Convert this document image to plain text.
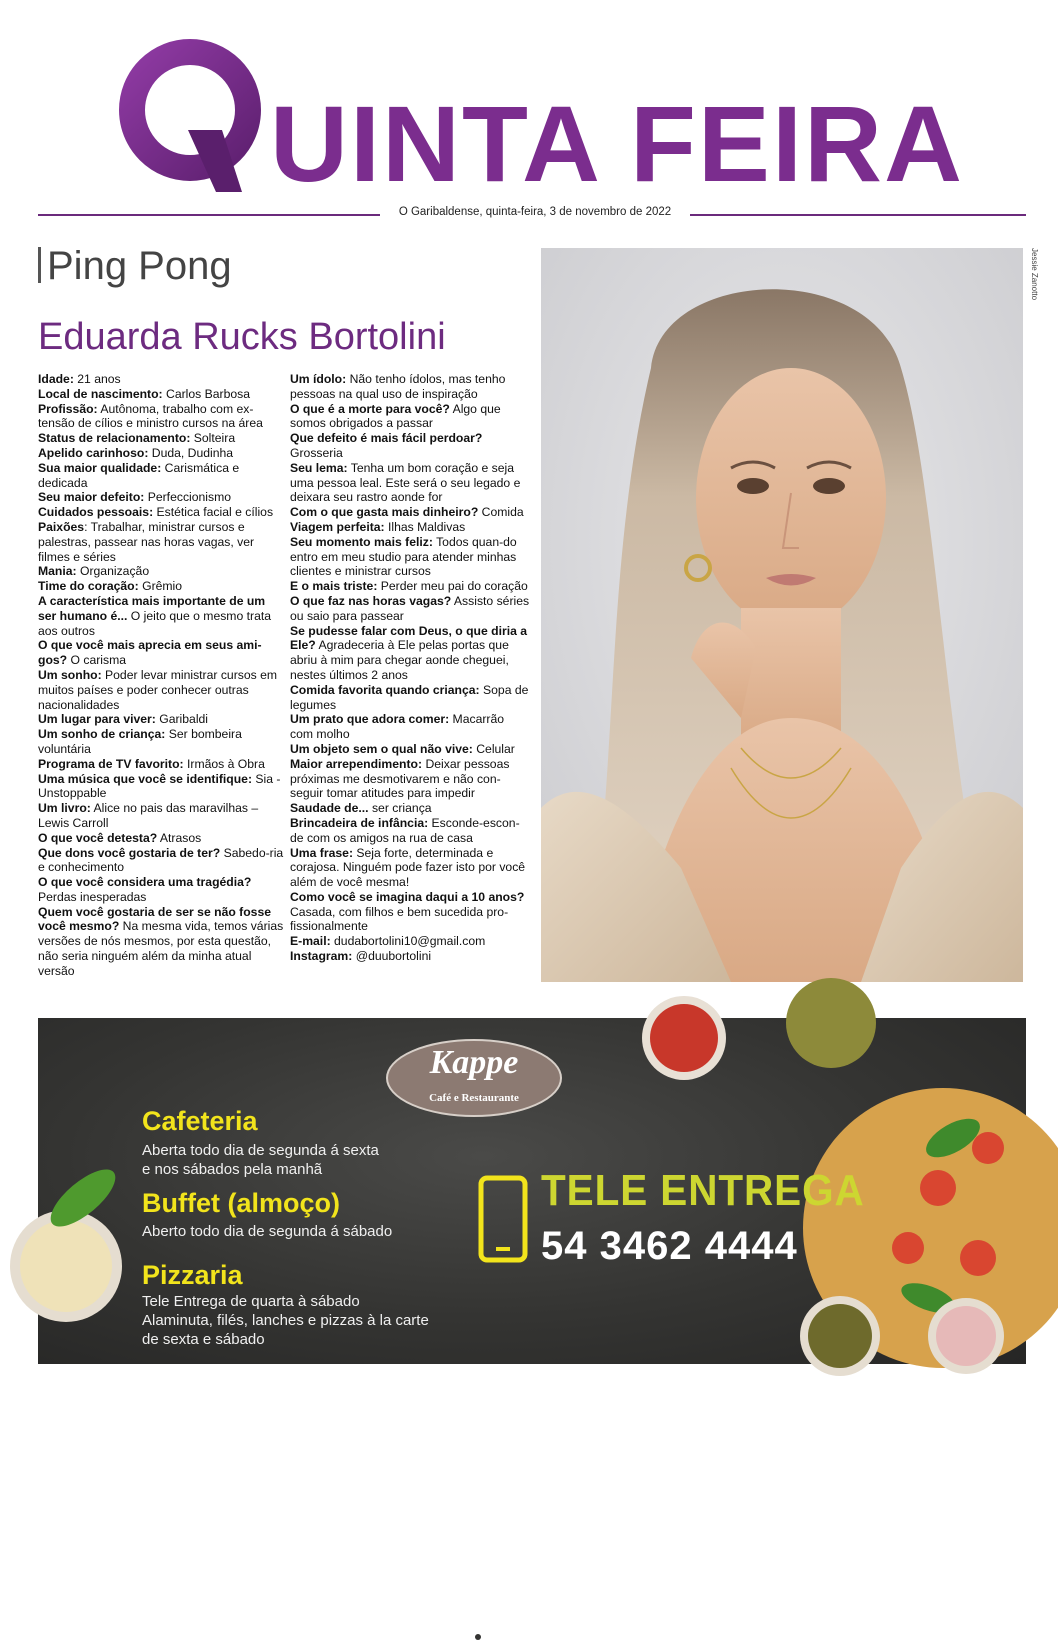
UINTA FEIRA
O Garibaldense, quinta-feira, 3 de novembro de 2022
Ping Pong
Eduarda Rucks Bortolini

Idade: 21 anos

Local de nascimento: Carlos Barbosa

Profissão: Autônoma, trabalho com ex-tensão de cílios e ministro cursos na área

Status de relacionamento: Solteira

Apelido carinhoso: Duda, Dudinha

Sua maior qualidade: Carismática e dedicada

Seu maior defeito: Perfeccionismo

Cuidados pessoais: Estética facial e cílios

Paixões: Trabalhar, ministrar cursos e palestras, passear nas horas vagas, ver filmes e séries

Mania: Organização

Time do coração: Grêmio

A característica mais importante de um ser humano é... O jeito que o mesmo trata aos outros

O que você mais aprecia em seus ami-gos? O carisma

Um sonho: Poder levar ministrar cursos em muitos países e poder conhecer outras nacionalidades

Um lugar para viver: Garibaldi

Um sonho de criança: Ser bombeira voluntária

Programa de TV favorito: Irmãos à Obra

Uma música que você se identifique: Sia - Unstoppable

Um livro: Alice no pais das maravilhas – Lewis Carroll

O que você detesta? Atrasos

Que dons você gostaria de ter? Sabedo-ria e conhecimento

O que você considera uma tragédia? Perdas inesperadas

Quem você gostaria de ser se não fosse você mesmo? Na mesma vida, temos várias versões de nós mesmos, por esta questão, não seria ninguém além da minha atual versão

Um ídolo: Não tenho ídolos, mas tenho pessoas na qual uso de inspiração

O que é a morte para você? Algo que somos obrigados a passar

Que defeito é mais fácil perdoar? Grosseria

Seu lema: Tenha um bom coração e seja uma pessoa leal. Este será o seu legado e deixara seu rastro aonde for

Com o que gasta mais dinheiro? Comida

Viagem perfeita: Ilhas Maldivas

Seu momento mais feliz: Todos quan-do entro em meu studio para atender minhas clientes e ministrar cursos

E o mais triste: Perder meu pai do coração

O que faz nas horas vagas? Assisto séries ou saio para passear

Se pudesse falar com Deus, o que diria a Ele? Agradeceria à Ele pelas portas que abriu à mim para chegar aonde cheguei, nestes últimos 2 anos

Comida favorita quando criança: Sopa de legumes

Um prato que adora comer: Macarrão com molho

Um objeto sem o qual não vive: Celular

Maior arrependimento: Deixar pessoas próximas me desmotivarem e não con-seguir tomar atitudes para impedir

Saudade de... ser criança

Brincadeira de infância: Esconde-escon-de com os amigos na rua de casa

Uma frase: Seja forte, determinada e corajosa. Ninguém pode fazer isto por você além de você mesma!

Como você se imagina daqui a 10 anos? Casada, com filhos e bem sucedida pro-fissionalmente

E-mail: dudabortolini10@gmail.com

Instagram: @duubortolini

Jessie Zanotto
Kappe
Café e Restaurante
Cafeteria
Aberta todo dia de segunda á sexta
e nos sábados pela manhã
Buffet (almoço)
Aberto todo dia de segunda á sábado
Pizzaria
Tele Entrega de quarta à sábado
Alaminuta, filés, lanches e pizzas à la carte
de sexta e sábado
TELE ENTREGA
54 3462 4444
@kappedommaurino	54 3462 6654	Av. Independência - Centro, Garibaldi
